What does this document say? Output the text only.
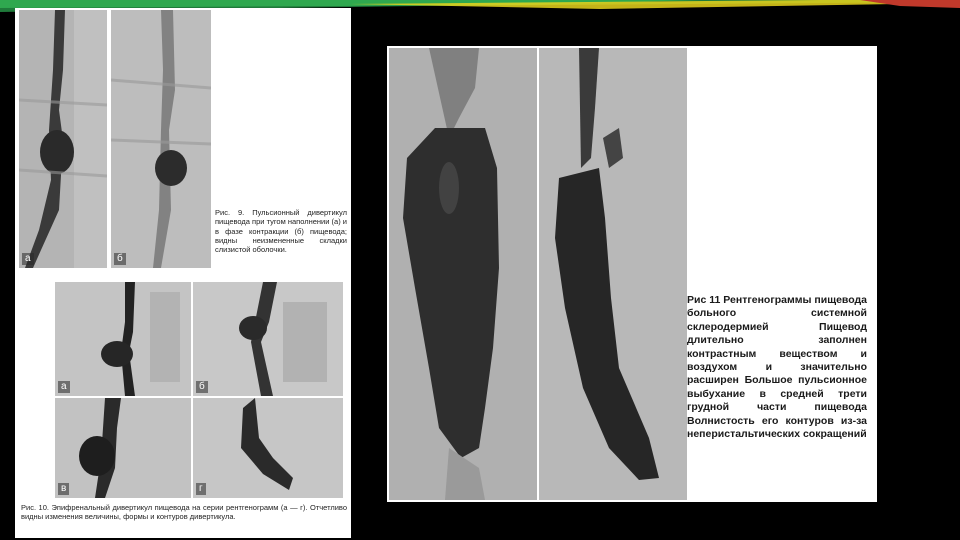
a	б
Рис. 9. Пульсионный дивертикул пищевода при тугом наполнении (а) и в фазе контракции (б) пищевода; видны неизмененные складки слизистой оболочки.
а	б
в	г
Рис. 10. Эпифренальный дивертикул пищевода на серии рентгенограмм (а — г). Отчетливо видны изменения величины, формы и контуров дивертикула.
Рис 11 Рентгенограммы пищевода больного системной склеродермией Пищевод длительно заполнен контрастным веществом и воздухом и значительно расширен Большое пульсионное выбухание в средней трети грудной части пищевода Волнистость его контуров из-за неперистальтических сокращений
